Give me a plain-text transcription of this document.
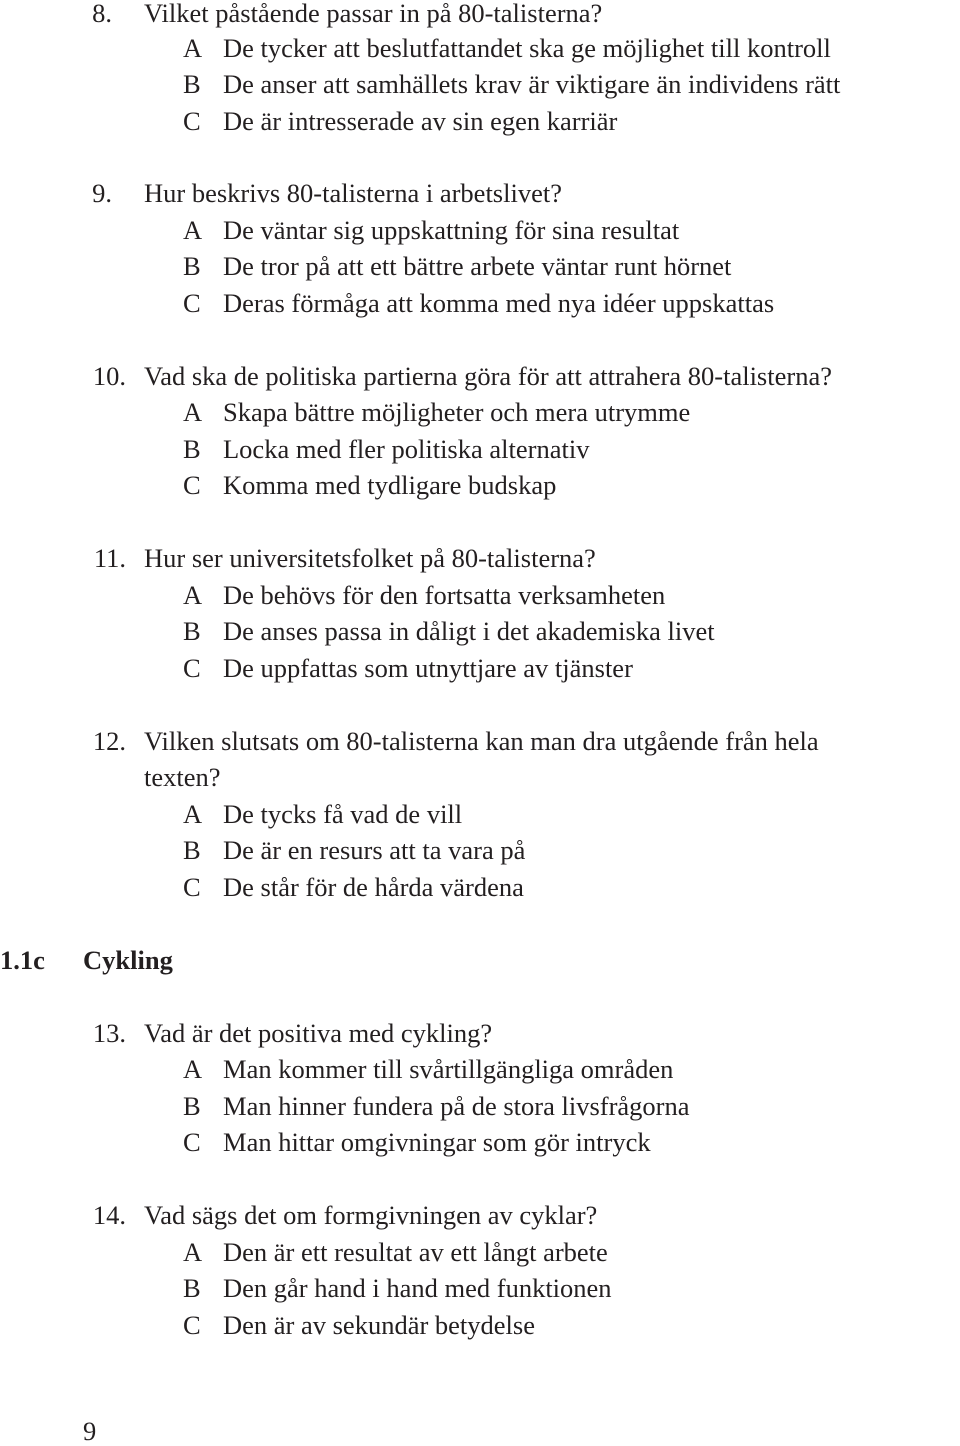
8. Vilket påstående passar in på 80-talisterna?
A De tycker att beslutfattandet ska ge möjlighet till kontroll
B De anser att samhällets krav är viktigare än individens rätt
C De är intresserade av sin egen karriär
9. Hur beskrivs 80-talisterna i arbetslivet?
A De väntar sig uppskattning för sina resultat
B De tror på att ett bättre arbete väntar runt hörnet
C Deras förmåga att komma med nya idéer uppskattas
10. Vad ska de politiska partierna göra för att attrahera 80-talisterna?
A Skapa bättre möjligheter och mera utrymme
B Locka med fler politiska alternativ
C Komma med tydligare budskap
11. Hur ser universitetsfolket på 80-talisterna?
A De behövs för den fortsatta verksamheten
B De anses passa in dåligt i det akademiska livet
C De uppfattas som utnyttjare av tjänster
12. Vilken slutsats om 80-talisterna kan man dra utgående från hela
texten?
A De tycks få vad de vill
B De är en resurs att ta vara på
C De står för de hårda värdena
1.1c Cykling
13. Vad är det positiva med cykling?
A Man kommer till svårtillgängliga områden
B Man hinner fundera på de stora livsfrågorna
C Man hittar omgivningar som gör intryck
14. Vad sägs det om formgivningen av cyklar?
A Den är ett resultat av ett långt arbete
B Den går hand i hand med funktionen
C Den är av sekundär betydelse
9
